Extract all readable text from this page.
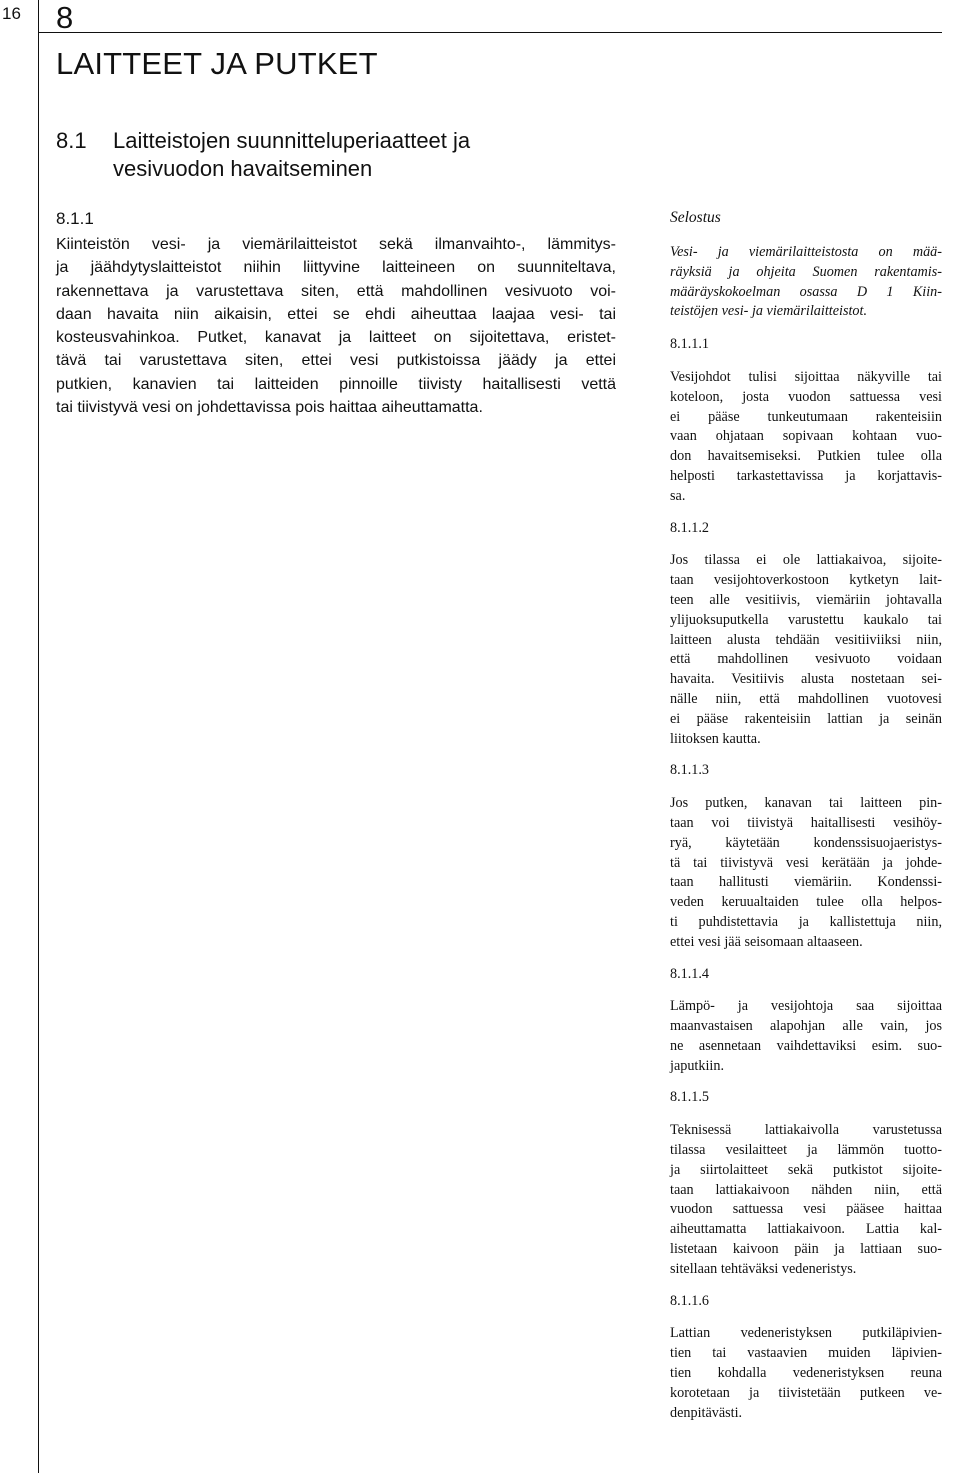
16 8
LAITTEET JA PUTKET
8.1 Laitteistojen suunnitteluperiaatteet ja
vesivuodon havaitseminen
8.1.1
Kiinteistön vesi- ja viemärilaitteistot sekä ilmanvaihto-, lämmitys-
ja jäähdytyslaitteistot niihin liittyvine laitteineen on suunniteltava,
rakennettava ja varustettava siten, että mahdollinen vesivuoto voi-
daan havaita niin aikaisin, ettei se ehdi aiheuttaa laajaa vesi- tai
kosteusvahinkoa. Putket, kanavat ja laitteet on sijoitettava, eristet-
tävä tai varustettava siten, ettei vesi putkistoissa jäädy ja ettei
putkien, kanavien tai laitteiden pinnoille tiivisty haitallisesti vettä
tai tiivistyvä vesi on johdettavissa pois haittaa aiheuttamatta.
Selostus
Vesi- ja viemärilaitteistosta on mää-
räyksiä ja ohjeita Suomen rakentamis-
määräyskokoelman osassa D 1 Kiin-
teistöjen vesi- ja viemärilaitteistot.
8.1.1.1
Vesijohdot tulisi sijoittaa näkyville tai
koteloon, josta vuodon sattuessa vesi
ei pääse tunkeutumaan rakenteisiin
vaan ohjataan sopivaan kohtaan vuo-
don havaitsemiseksi. Putkien tulee olla
helposti tarkastettavissa ja korjattavis-
sa.
8.1.1.2
Jos tilassa ei ole lattiakaivoa, sijoite-
taan vesijohtoverkostoon kytketyn lait-
teen alle vesitiivis, viemäriin johtavalla
ylijuoksuputkella varustettu kaukalo tai
laitteen alusta tehdään vesitiiviiksi niin,
että mahdollinen vesivuoto voidaan
havaita. Vesitiivis alusta nostetaan sei-
nälle niin, että mahdollinen vuotovesi
ei pääse rakenteisiin lattian ja seinän
liitoksen kautta.
8.1.1.3
Jos putken, kanavan tai laitteen pin-
taan voi tiivistyä haitallisesti vesihöy-
ryä, käytetään kondenssisuojaeristys-
tä tai tiivistyvä vesi kerätään ja johde-
taan hallitusti viemäriin. Kondenssi-
veden keruualtaiden tulee olla helpos-
ti puhdistettavia ja kallistettuja niin,
ettei vesi jää seisomaan altaaseen.
8.1.1.4
Lämpö- ja vesijohtoja saa sijoittaa
maanvastaisen alapohjan alle vain, jos
ne asennetaan vaihdettaviksi esim. suo-
japutkiin.
8.1.1.5
Teknisessä lattiakaivolla varustetussa
tilassa vesilaitteet ja lämmön tuotto-
ja siirtolaitteet sekä putkistot sijoite-
taan lattiakaivoon nähden niin, että
vuodon sattuessa vesi pääsee haittaa
aiheuttamatta lattiakaivoon. Lattia kal-
listetaan kaivoon päin ja lattiaan suo-
sitellaan tehtäväksi vedeneristys.
8.1.1.6
Lattian vedeneristyksen putkiläpivien-
tien tai vastaavien muiden läpivien-
tien kohdalla vedeneristyksen reuna
korotetaan ja tiivistetään putkeen ve-
denpitävästi.
